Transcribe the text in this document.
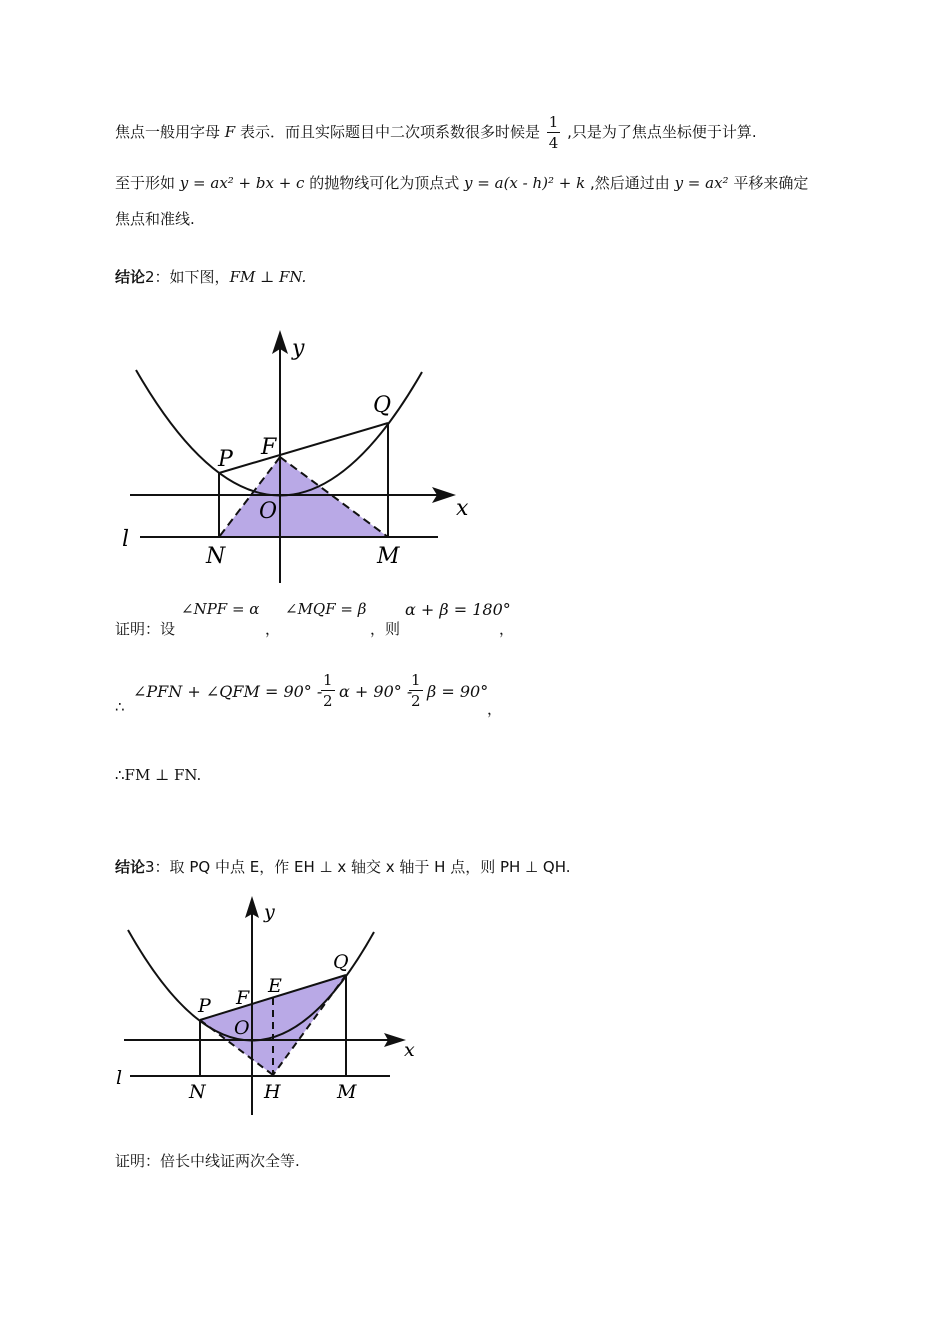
焦点一般用字母 F 表示．而且实际题目中二次项系数很多时候是 $\frac{1}{4}$ ,只是为了焦点坐标便于计算.
至于形如 y = ax² + bx + c 的抛物线可化为顶点式 y = a(x - h)² + k ,然后通过由 y = ax² 平移来确定
焦点和准线.
结论2：如下图，FM ⊥ FN.
y
x
Q
F
P
O
l
N	M
证明：设
∠NPF = α
，
∠MQF = β
，则
α + β = 180°
，
∴
∠PFN + ∠QFM = 90° -
$\frac{1}{2}$ α + 90° -
$\frac{1}{2}$ β = 90°
，
∴FM ⊥ FN.
结论3：取 PQ 中点 E，作 EH ⊥ x 轴交 x 轴于 H 点，则 PH ⊥ QH.
y
x
Q
E
F
P
O
l
N	H	M
证明：倍长中线证两次全等.
